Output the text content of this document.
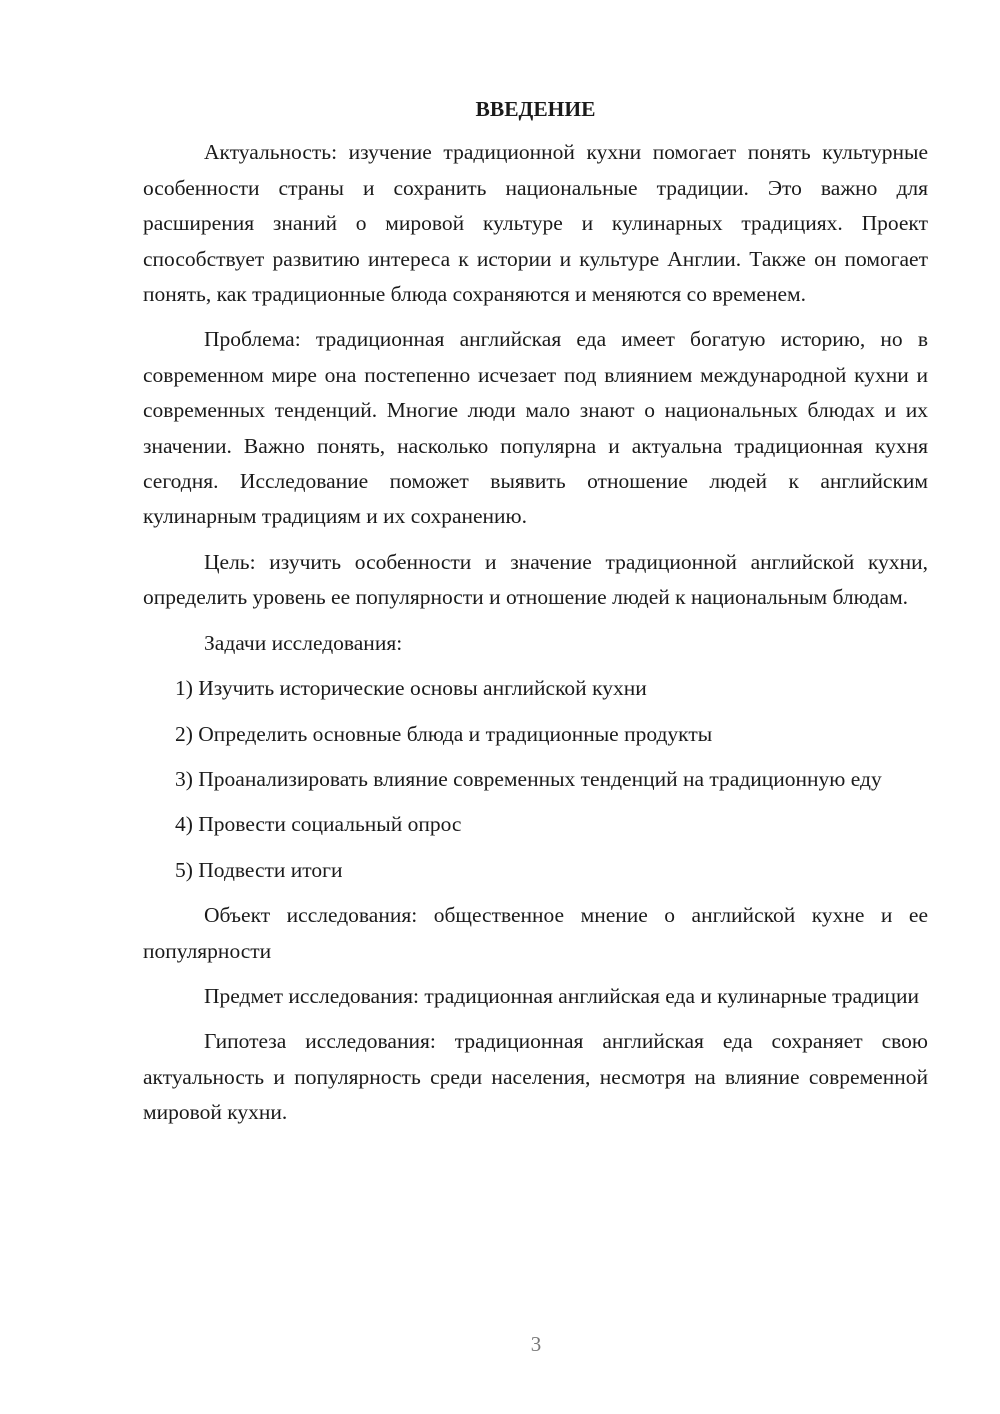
ВВЕДЕНИЕ

Актуальность: изучение традиционной кухни помогает понять культурные особенности страны и сохранить национальные традиции. Это важно для расширения знаний о мировой культуре и кулинарных традициях. Проект способствует развитию интереса к истории и культуре Англии. Также он помогает понять, как традиционные блюда сохраняются и меняются со временем.

Проблема: традиционная английская еда имеет богатую историю, но в современном мире она постепенно исчезает под влиянием международной кухни и современных тенденций. Многие люди мало знают о национальных блюдах и их значении. Важно понять, насколько популярна и актуальна традиционная кухня сегодня. Исследование поможет выявить отношение людей к английским кулинарным традициям и их сохранению.

Цель: изучить особенности и значение традиционной английской кухни, определить уровень ее популярности и отношение людей к национальным блюдам.

Задачи исследования:

1) Изучить исторические основы английской кухни

2) Определить основные блюда и традиционные продукты

3) Проанализировать влияние современных тенденций на традиционную еду

4) Провести социальный опрос

5) Подвести итоги

Объект исследования: общественное мнение о английской кухне и ее популярности

Предмет исследования: традиционная английская еда и кулинарные традиции

Гипотеза исследования: традиционная английская еда сохраняет свою актуальность и популярность среди населения, несмотря на влияние современной мировой кухни.

3
